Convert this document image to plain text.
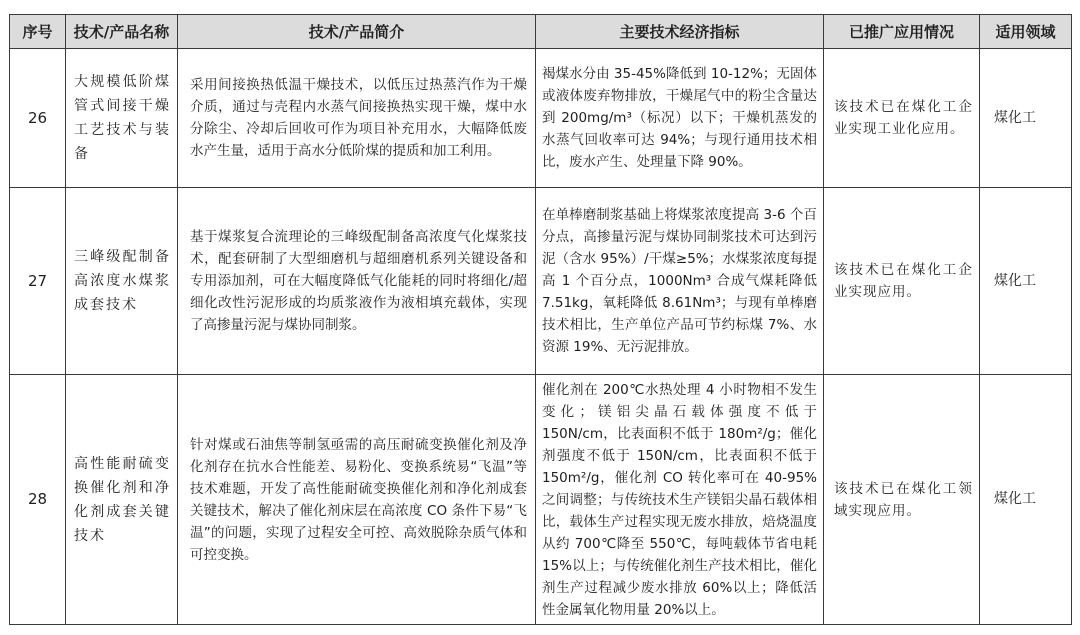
序号	技术/产品名称	技术/产品简介	主要技术经济指标	已推广应用情况	适用领域
26	大规模低阶煤管式间接干燥工艺技术与装备	采用间接换热低温干燥技术，以低压过热蒸汽作为干燥介质，通过与壳程内水蒸气间接换热实现干燥，煤中水分除尘、冷却后回收可作为项目补充用水，大幅降低废水产生量，适用于高水分低阶煤的提质和加工利用。	褐煤水分由 35-45%降低到 10-12%；无固体或液体废弃物排放，干燥尾气中的粉尘含量达到 200mg/m³（标况）以下；干燥机蒸发的水蒸气回收率可达 94%；与现行通用技术相比，废水产生、处理量下降 90%。	该技术已在煤化工企业实现工业化应用。	煤化工
27	三峰级配制备高浓度水煤浆成套技术	基于煤浆复合流理论的三峰级配制备高浓度气化煤浆技术，配套研制了大型细磨机与超细磨机系列关键设备和专用添加剂，可在大幅度降低气化能耗的同时将细化/超细化改性污泥形成的均质浆液作为液相填充载体，实现了高掺量污泥与煤协同制浆。	在单棒磨制浆基础上将煤浆浓度提高 3-6 个百分点，高掺量污泥与煤协同制浆技术可达到污泥（含水 95%）/干煤≥5%；水煤浆浓度每提高 1 个百分点，1000Nm³ 合成气煤耗降低 7.51kg，氧耗降低 8.61Nm³；与现有单棒磨技术相比，生产单位产品可节约标煤 7%、水资源 19%、无污泥排放。	该技术已在煤化工企业实现应用。	煤化工
28	高性能耐硫变换催化剂和净化剂成套关键技术	针对煤或石油焦等制氢亟需的高压耐硫变换催化剂及净化剂存在抗水合性能差、易粉化、变换系统易“飞温”等技术难题，开发了高性能耐硫变换催化剂和净化剂成套关键技术，解决了催化剂床层在高浓度 CO 条件下易“飞温”的问题，实现了过程安全可控、高效脱除杂质气体和可控变换。	催化剂在 200℃水热处理 4 小时物相不发生变化；镁铝尖晶石载体强度不低于 150N/cm，比表面积不低于 180m²/g；催化剂强度不低于 150N/cm，比表面积不低于 150m²/g，催化剂 CO 转化率可在 40-95%之间调整；与传统技术生产镁铝尖晶石载体相比，载体生产过程实现无废水排放，焙烧温度从约 700℃降至 550℃，每吨载体节省电耗 15%以上；与传统催化剂生产技术相比，催化剂生产过程减少废水排放 60%以上；降低活性金属氧化物用量 20%以上。	该技术已在煤化工领域实现应用。	煤化工
